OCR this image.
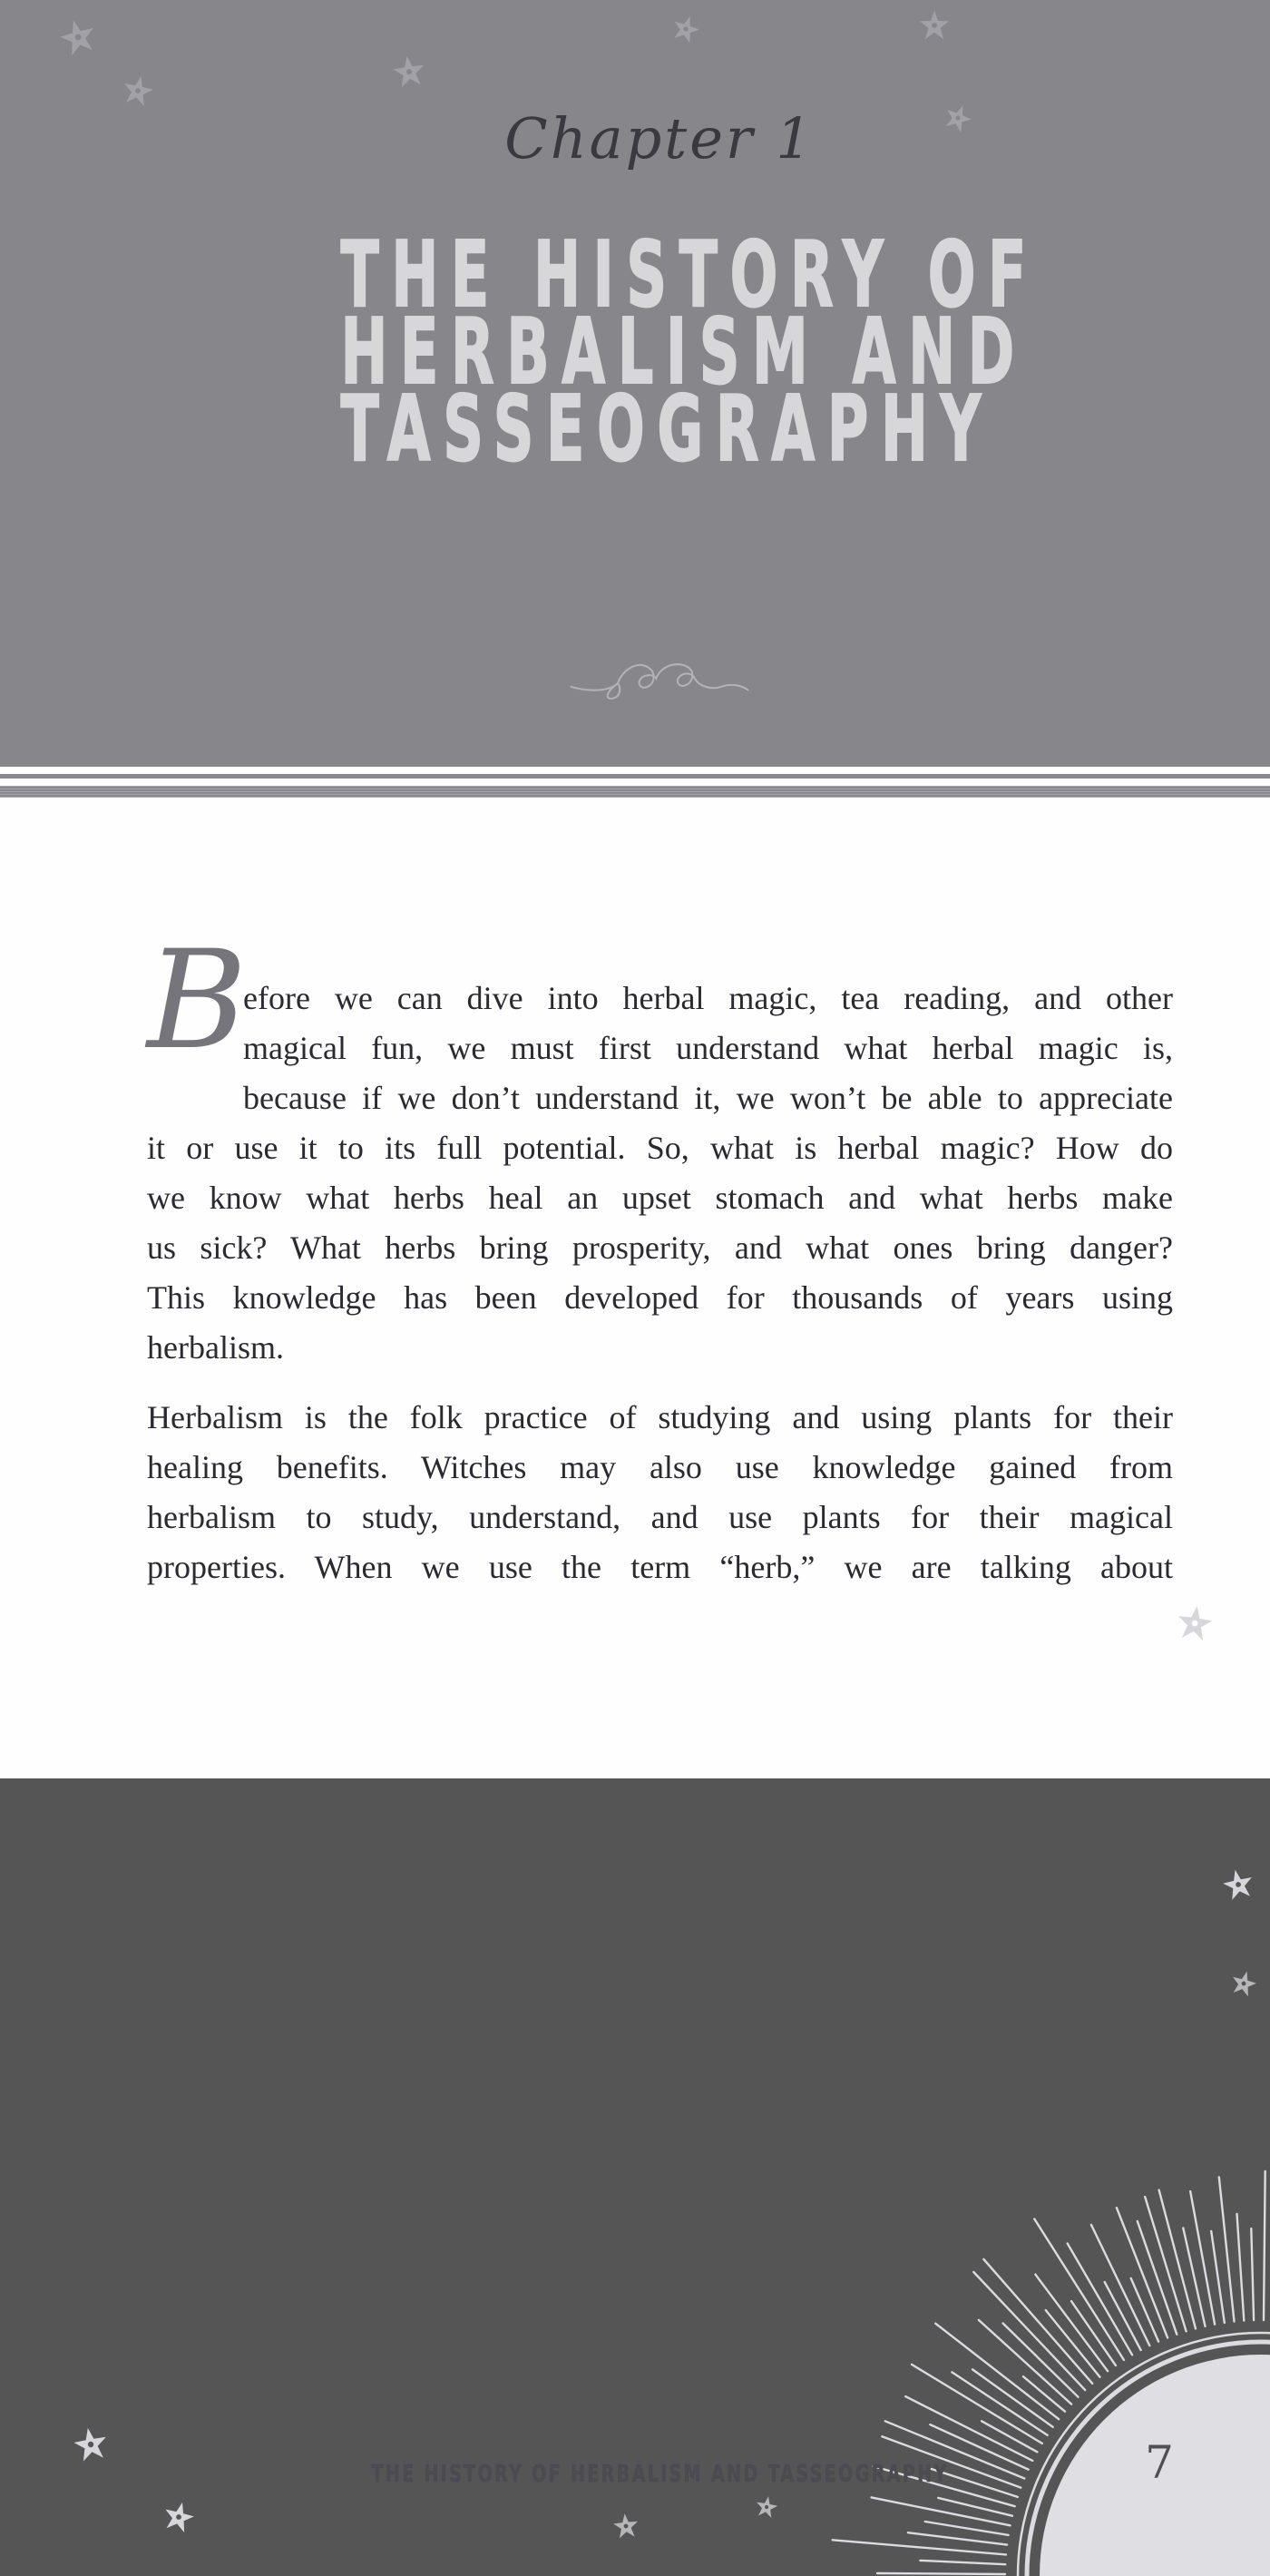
Chapter 1
THE HISTORY OF
HERBALISM AND
TASSEOGRAPHY
B
efore we can dive into herbal magic, tea reading, and other
magical fun, we must first understand what herbal magic is,
because if we don’t understand it, we won’t be able to appreciate
it or use it to its full potential. So, what is herbal magic? How do
we know what herbs heal an upset stomach and what herbs make
us sick? What herbs bring prosperity, and what ones bring danger?
This knowledge has been developed for thousands of years using
herbalism.
Herbalism is the folk practice of studying and using plants for their
healing benefits. Witches may also use knowledge gained from
herbalism to study, understand, and use plants for their magical
properties. When we use the term “herb,” we are talking about
THE HISTORY OF HERBALISM AND TASSEOGRAPHY	7
